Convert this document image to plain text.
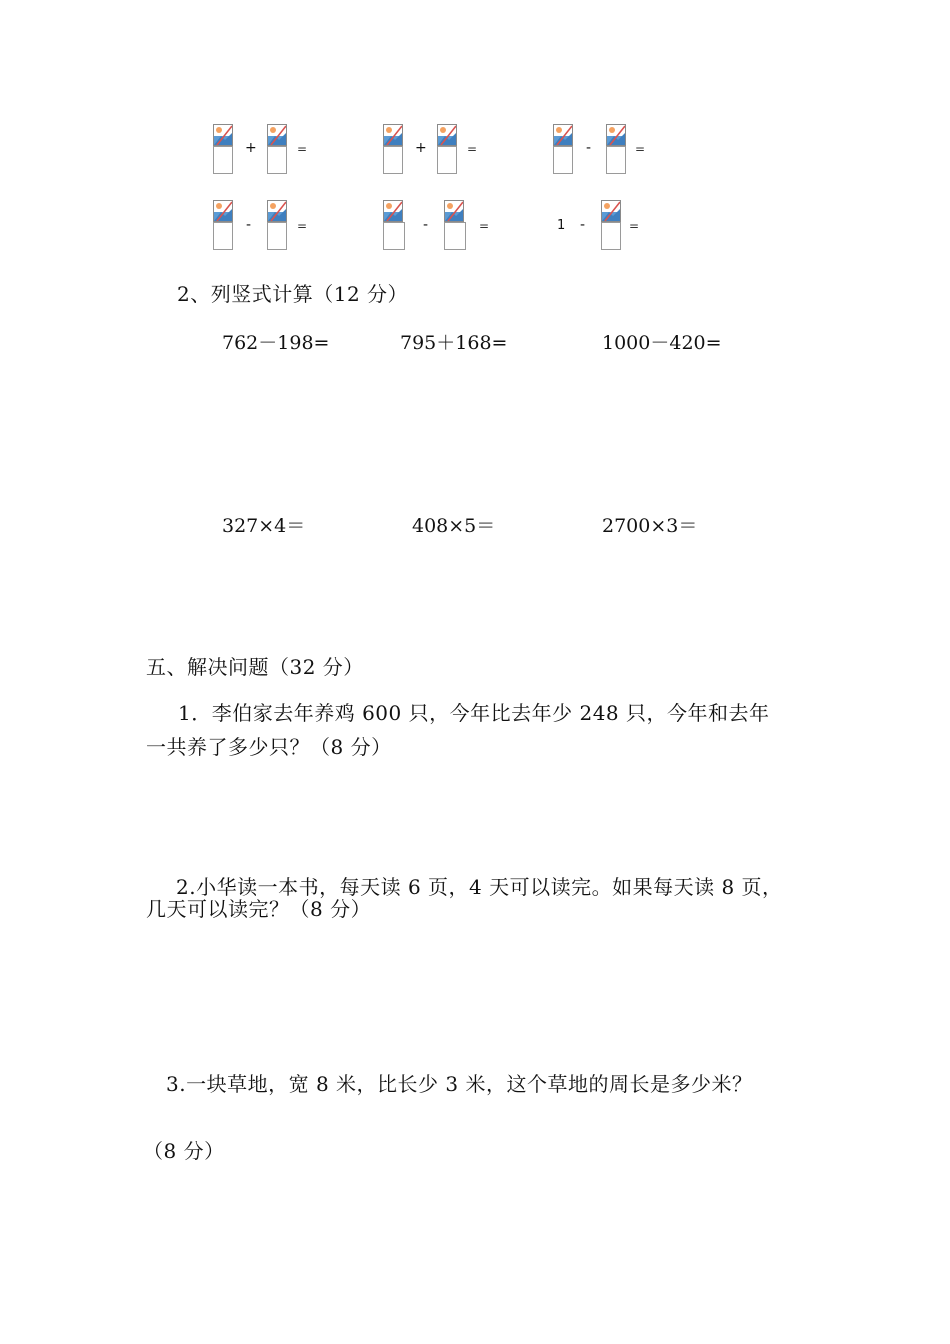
+	=	+	=	-	=
-	=	-	=	1 -	=
2、列竖式计算（12 分）
762－198=	795＋168=	1000－420=
327×4＝	408×5＝	2700×3＝
五、解决问题（32 分）
1．李伯家去年养鸡 600 只，今年比去年少 248 只，今年和去年
一共养了多少只？（8 分）
2.小华读一本书，每天读 6 页，4 天可以读完。如果每天读 8 页，
几天可以读完？（8 分）
3.一块草地，宽 8 米，比长少 3 米，这个草地的周长是多少米？
（8 分）
